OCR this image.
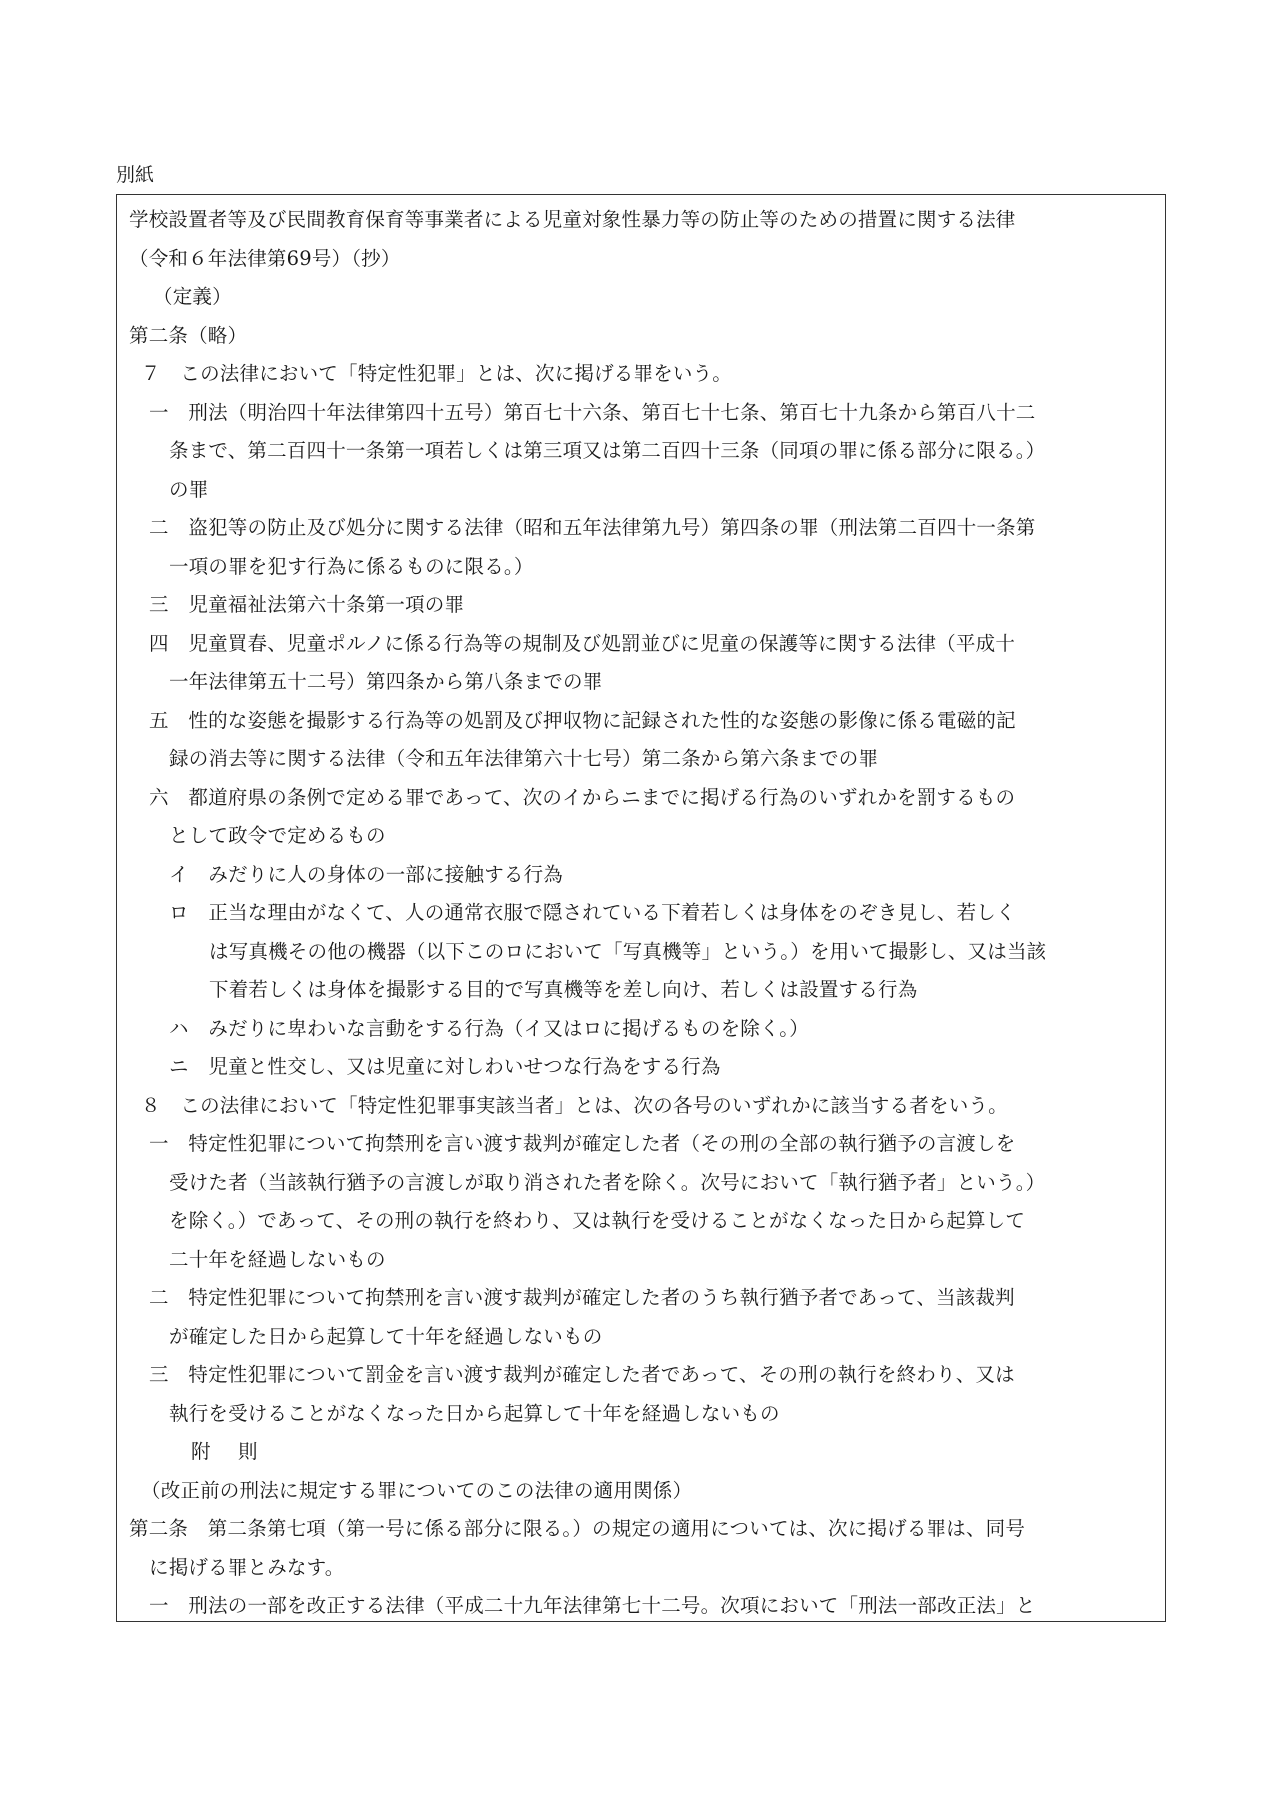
別紙
学校設置者等及び民間教育保育等事業者による児童対象性暴力等の防止等のための措置に関する法律
（令和６年法律第69号）（抄）
（定義）
第二条（略）
７　この法律において「特定性犯罪」とは、次に掲げる罪をいう。
一　刑法（明治四十年法律第四十五号）第百七十六条、第百七十七条、第百七十九条から第百八十二
条まで、第二百四十一条第一項若しくは第三項又は第二百四十三条（同項の罪に係る部分に限る。）
の罪
二　盗犯等の防止及び処分に関する法律（昭和五年法律第九号）第四条の罪（刑法第二百四十一条第
一項の罪を犯す行為に係るものに限る。）
三　児童福祉法第六十条第一項の罪
四　児童買春、児童ポルノに係る行為等の規制及び処罰並びに児童の保護等に関する法律（平成十
一年法律第五十二号）第四条から第八条までの罪
五　性的な姿態を撮影する行為等の処罰及び押収物に記録された性的な姿態の影像に係る電磁的記
録の消去等に関する法律（令和五年法律第六十七号）第二条から第六条までの罪
六　都道府県の条例で定める罪であって、次のイからニまでに掲げる行為のいずれかを罰するもの
として政令で定めるもの
イ　みだりに人の身体の一部に接触する行為
ロ　正当な理由がなくて、人の通常衣服で隠されている下着若しくは身体をのぞき見し、若しく
は写真機その他の機器（以下このロにおいて「写真機等」という。）を用いて撮影し、又は当該
下着若しくは身体を撮影する目的で写真機等を差し向け、若しくは設置する行為
ハ　みだりに卑わいな言動をする行為（イ又はロに掲げるものを除く。）
ニ　児童と性交し、又は児童に対しわいせつな行為をする行為
８　この法律において「特定性犯罪事実該当者」とは、次の各号のいずれかに該当する者をいう。
一　特定性犯罪について拘禁刑を言い渡す裁判が確定した者（その刑の全部の執行猶予の言渡しを
受けた者（当該執行猶予の言渡しが取り消された者を除く。次号において「執行猶予者」という。）
を除く。）であって、その刑の執行を終わり、又は執行を受けることがなくなった日から起算して
二十年を経過しないもの
二　特定性犯罪について拘禁刑を言い渡す裁判が確定した者のうち執行猶予者であって、当該裁判
が確定した日から起算して十年を経過しないもの
三　特定性犯罪について罰金を言い渡す裁判が確定した者であって、その刑の執行を終わり、又は
執行を受けることがなくなった日から起算して十年を経過しないもの
附　則
（改正前の刑法に規定する罪についてのこの法律の適用関係）
第二条　第二条第七項（第一号に係る部分に限る。）の規定の適用については、次に掲げる罪は、同号
に掲げる罪とみなす。
一　刑法の一部を改正する法律（平成二十九年法律第七十二号。次項において「刑法一部改正法」と
